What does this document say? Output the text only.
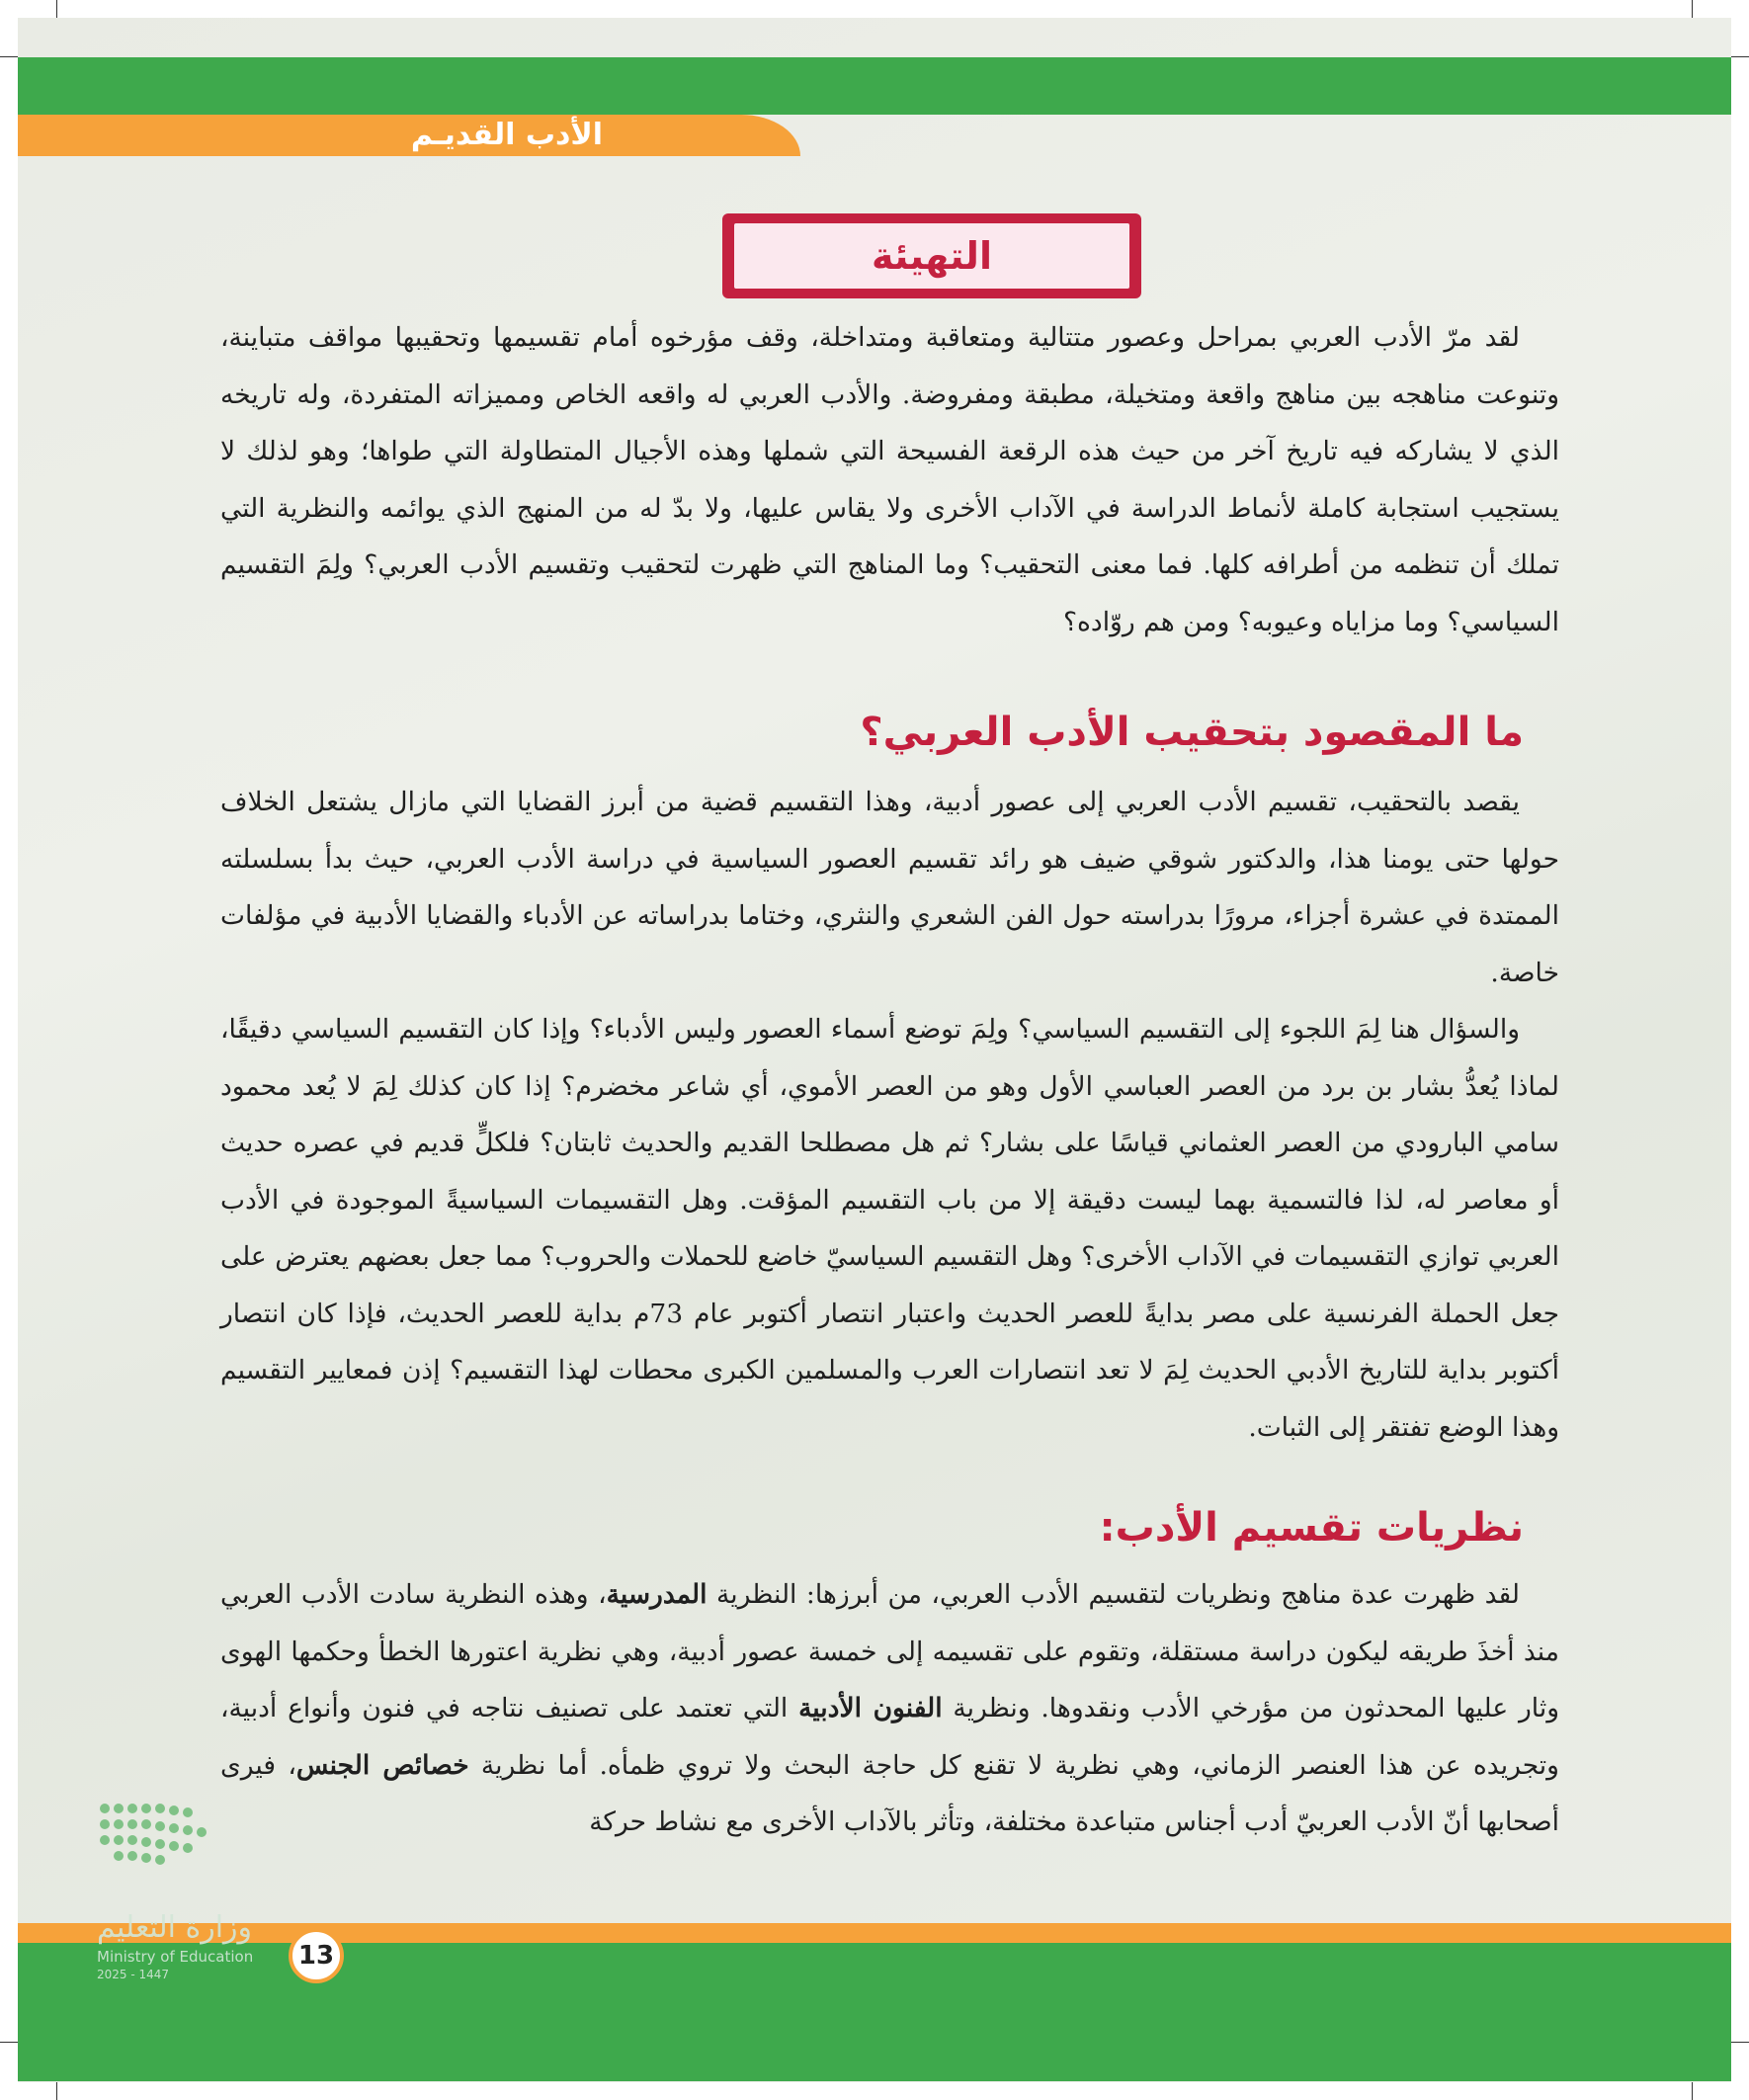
الأدب القديـم
التهيئة

لقد مرّ الأدب العربي بمراحل وعصور متتالية ومتعاقبة ومتداخلة، وقف مؤرخوه أمام تقسيمها وتحقيبها مواقف متباينة، وتنوعت مناهجه بين مناهج واقعة ومتخيلة، مطبقة ومفروضة. والأدب العربي له واقعه الخاص ومميزاته المتفردة، وله تاريخه الذي لا يشاركه فيه تاريخ آخر من حيث هذه الرقعة الفسيحة التي شملها وهذه الأجيال المتطاولة التي طواها؛ وهو لذلك لا يستجيب استجابة كاملة لأنماط الدراسة في الآداب الأخرى ولا يقاس عليها، ولا بدّ له من المنهج الذي يوائمه والنظرية التي تملك أن تنظمه من أطرافه كلها. فما معنى التحقيب؟ وما المناهج التي ظهرت لتحقيب وتقسيم الأدب العربي؟ ولِمَ التقسيم السياسي؟ وما مزاياه وعيوبه؟ ومن هم روّاده؟

ما المقصود بتحقيب الأدب العربي؟

يقصد بالتحقيب، تقسيم الأدب العربي إلى عصور أدبية، وهذا التقسيم قضية من أبرز القضايا التي مازال يشتعل الخلاف حولها حتى يومنا هذا، والدكتور شوقي ضيف هو رائد تقسيم العصور السياسية في دراسة الأدب العربي، حيث بدأ بسلسلته الممتدة في عشرة أجزاء، مرورًا بدراسته حول الفن الشعري والنثري، وختاما بدراساته عن الأدباء والقضايا الأدبية في مؤلفات خاصة.

والسؤال هنا لِمَ اللجوء إلى التقسيم السياسي؟ ولِمَ توضع أسماء العصور وليس الأدباء؟ وإذا كان التقسيم السياسي دقيقًا، لماذا يُعدُّ بشار بن برد من العصر العباسي الأول وهو من العصر الأموي، أي شاعر مخضرم؟ إذا كان كذلك لِمَ لا يُعد محمود سامي البارودي من العصر العثماني قياسًا على بشار؟ ثم هل مصطلحا القديم والحديث ثابتان؟ فلكلٍّ قديم في عصره حديث أو معاصر له، لذا فالتسمية بهما ليست دقيقة إلا من باب التقسيم المؤقت. وهل التقسيمات السياسيةً الموجودة في الأدب العربي توازي التقسيمات في الآداب الأخرى؟ وهل التقسيم السياسيّ خاضع للحملات والحروب؟ مما جعل بعضهم يعترض على جعل الحملة الفرنسية على مصر بدايةً للعصر الحديث واعتبار انتصار أكتوبر عام 73م بداية للعصر الحديث، فإذا كان انتصار أكتوبر بداية للتاريخ الأدبي الحديث لِمَ لا تعد انتصارات العرب والمسلمين الكبرى محطات لهذا التقسيم؟ إذن فمعايير التقسيم وهذا الوضع تفتقر إلى الثبات.

نظريات تقسيم الأدب:

لقد ظهرت عدة مناهج ونظريات لتقسيم الأدب العربي، من أبرزها: النظرية المدرسية، وهذه النظرية سادت الأدب العربي منذ أخذَ طريقه ليكون دراسة مستقلة، وتقوم على تقسيمه إلى خمسة عصور أدبية، وهي نظرية اعتورها الخطأ وحكمها الهوى وثار عليها المحدثون من مؤرخي الأدب ونقدوها. ونظرية الفنون الأدبية التي تعتمد على تصنيف نتاجه في فنون وأنواع أدبية، وتجريده عن هذا العنصر الزماني، وهي نظرية لا تقنع كل حاجة البحث ولا تروي ظمأه. أما نظرية خصائص الجنس، فيرى أصحابها أنّ الأدب العربيّ أدب أجناس متباعدة مختلفة، وتأثر بالآداب الأخرى مع نشاط حركة

وزارة التعليم
Ministry of Education
2025 - 1447
13
